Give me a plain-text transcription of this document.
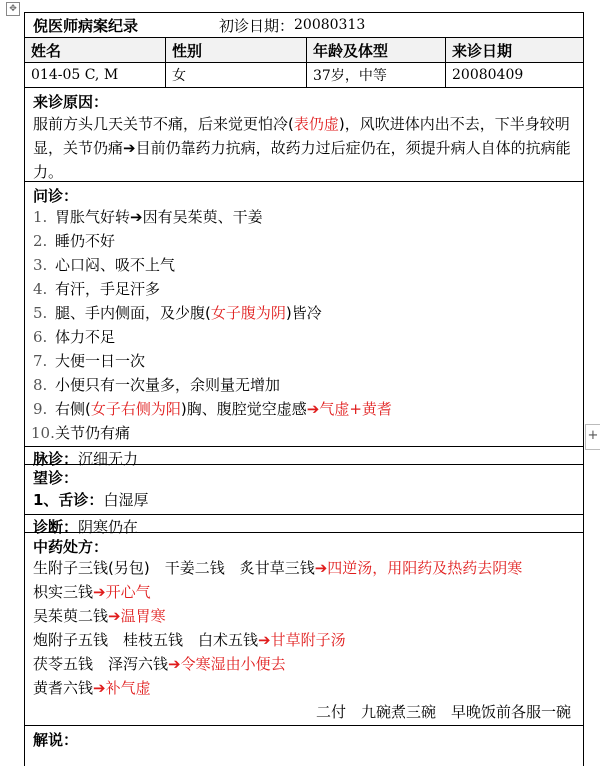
✥
+
倪医师病案纪录	初诊日期： 20080313
姓名	性别	年龄及体型	来诊日期
014-05 C, M	女	37岁，中等	20080409
来诊原因：
服前方头几天关节不痛，后来觉更怕冷(表仍虚)，风吹进体内出不去，下半身较明显，关节仍痛➔目前仍靠药力抗病，故药力过后症仍在，须提升病人自体的抗病能力。
问诊：
1. 胃胀气好转➔因有吴茱萸、干姜
2. 睡仍不好
3. 心口闷、吸不上气
4. 有汗，手足汗多
5. 腿、手内侧面，及少腹(女子腹为阴)皆冷
6. 体力不足
7. 大便一日一次
8. 小便只有一次量多，余则量无增加
9. 右侧(女子右侧为阳)胸、腹腔觉空虚感➔气虚+黄耆
10.关节仍有痛
脉诊：沉细无力
望诊：
1、舌诊：白湿厚
诊断：阴寒仍在
中药处方：
生附子三钱(另包)　干姜二钱　炙甘草三钱➔四逆汤，用阳药及热药去阴寒
枳实三钱➔开心气
吴茱萸二钱➔温胃寒
炮附子五钱　桂枝五钱　白术五钱➔甘草附子汤
茯苓五钱　泽泻六钱➔令寒湿由小便去
黄耆六钱➔补气虚
二付　九碗煮三碗　早晚饭前各服一碗
解说：
